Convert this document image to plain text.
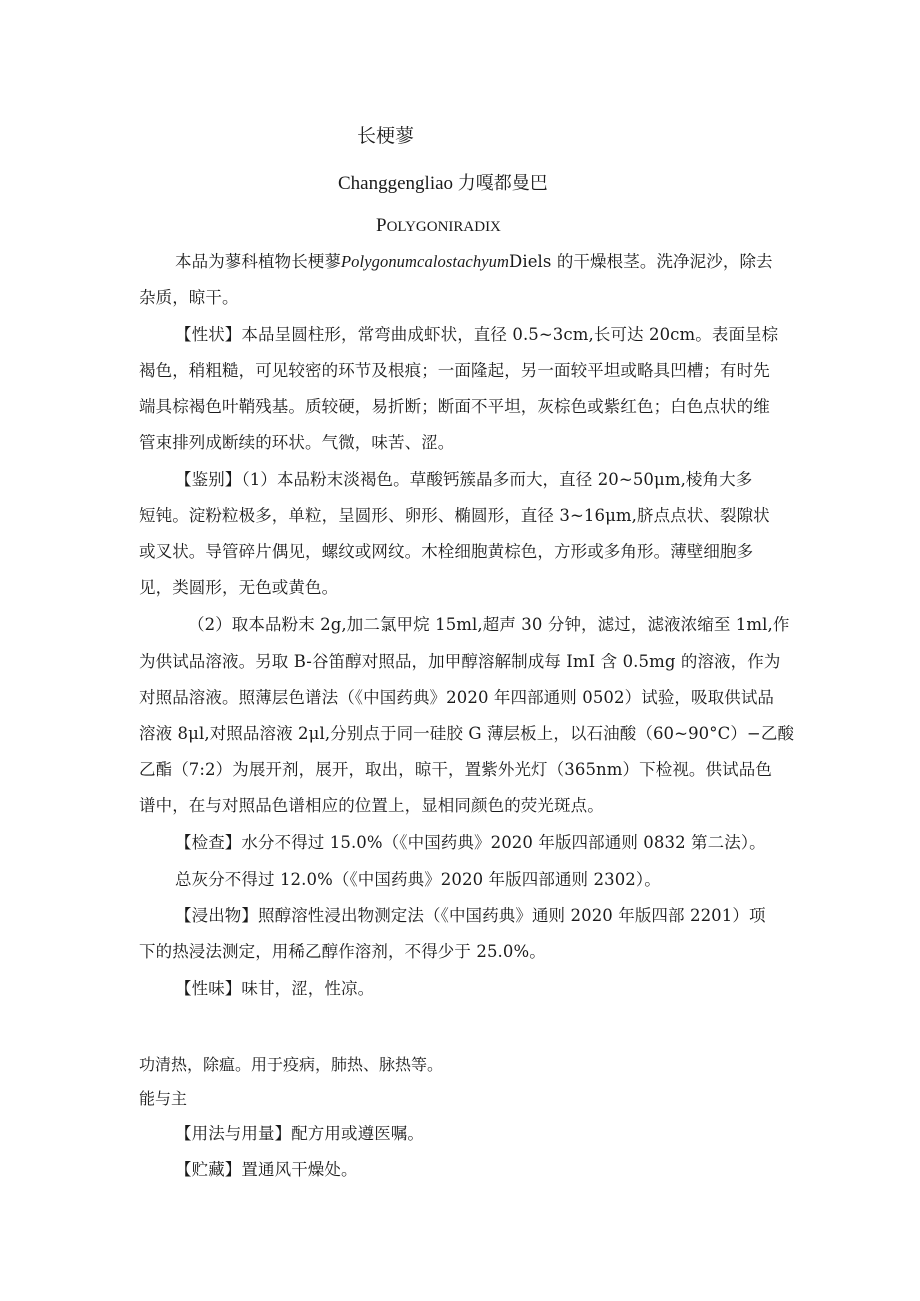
长梗蓼
Changgengliao 力嘎都曼巴
POLYGONIRADIX
本品为蓼科植物长梗蓼PolygonumcalostachyumDiels 的干燥根茎。洗净泥沙，除去
杂质，晾干。
【性状】本品呈圆柱形，常弯曲成虾状，直径 0.5~3cm,长可达 20cm。表面呈棕
褐色，稍粗糙，可见较密的环节及根痕；一面隆起，另一面较平坦或略具凹槽；有时先
端具棕褐色叶鞘残基。质较硬，易折断；断面不平坦，灰棕色或紫红色；白色点状的维
管束排列成断续的环状。气微，味苦、涩。
【鉴别】（1）本品粉末淡褐色。草酸钙簇晶多而大，直径 20~50μm,棱角大多
短钝。淀粉粒极多，单粒，呈圆形、卵形、椭圆形，直径 3~16μm,脐点点状、裂隙状
或叉状。导管碎片偶见，螺纹或网纹。木栓细胞黄棕色，方形或多角形。薄壁细胞多
见，类圆形，无色或黄色。
（2）取本品粉末 2g,加二氯甲烷 15ml,超声 30 分钟，滤过，滤液浓缩至 1ml,作
为供试品溶液。另取 B-谷笛醇对照品，加甲醇溶解制成每 ImI 含 0.5mg 的溶液，作为
对照品溶液。照薄层色谱法（《中国药典》2020 年四部通则 0502）试验，吸取供试品
溶液 8μl,对照品溶液 2μl,分别点于同一硅胶 G 薄层板上，以石油酸（60~90°C）−乙酸
乙酯（7:2）为展开剂，展开，取出，晾干，置紫外光灯（365nm）下检视。供试品色
谱中，在与对照品色谱相应的位置上，显相同颜色的荧光斑点。
【检查】水分不得过 15.0%（《中国药典》2020 年版四部通则 0832 第二法）。
总灰分不得过 12.0%（《中国药典》2020 年版四部通则 2302）。
【浸出物】照醇溶性浸出物测定法（《中国药典》通则 2020 年版四部 2201）项
下的热浸法测定，用稀乙醇作溶剂，不得少于 25.0%。
【性味】味甘，涩，性凉。
功清热，除瘟。用于疫病，肺热、脉热等。
能与主
【用法与用量】配方用或遵医嘱。
【贮藏】置通风干燥处。
